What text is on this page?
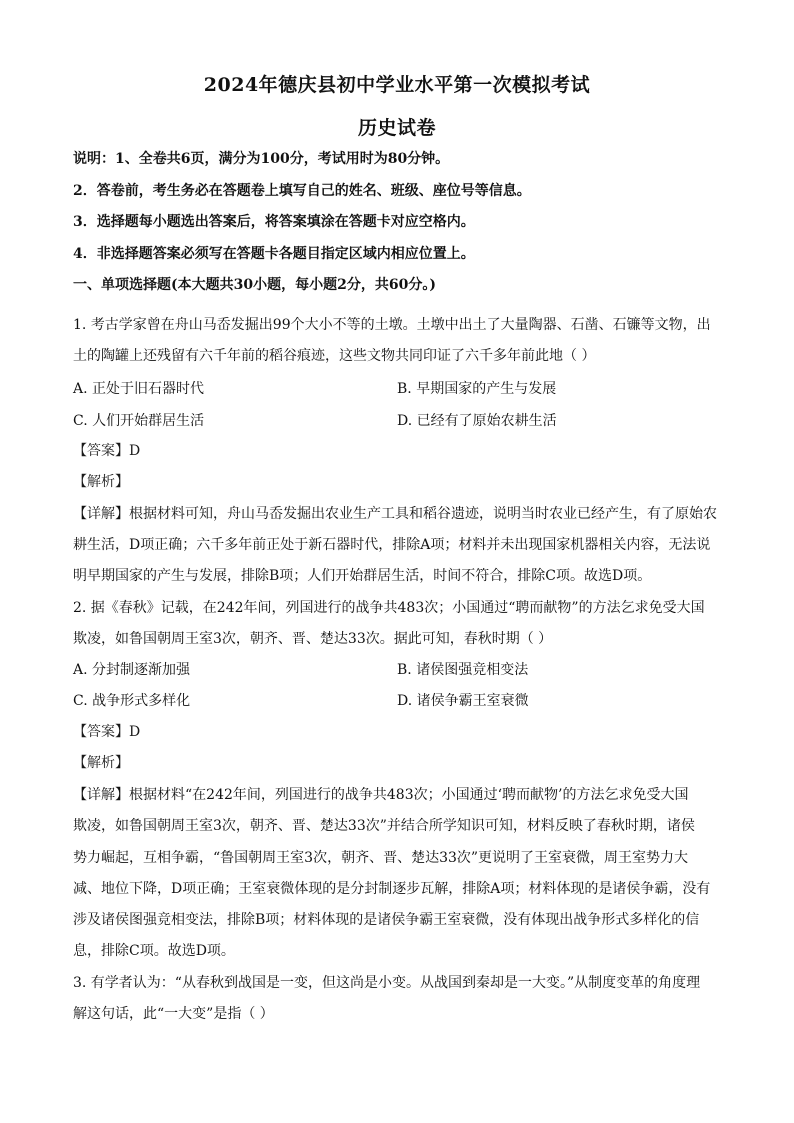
2024年德庆县初中学业水平第一次模拟考试
历史试卷
说明：1、全卷共6页，满分为100分，考试用时为80分钟。
2．答卷前，考生务必在答题卷上填写自己的姓名、班级、座位号等信息。
3．选择题每小题选出答案后，将答案填涂在答题卡对应空格内。
4．非选择题答案必须写在答题卡各题目指定区域内相应位置上。
一、单项选择题(本大题共30小题，每小题2分，共60分。)
1. 考古学家曾在舟山马岙发掘出99个大小不等的土墩。土墩中出土了大量陶器、石凿、石镰等文物，出
土的陶罐上还残留有六千年前的稻谷痕迹，这些文物共同印证了六千多年前此地（ ）
A. 正处于旧石器时代	B. 早期国家的产生与发展
C. 人们开始群居生活	D. 已经有了原始农耕生活
【答案】D
【解析】
【详解】根据材料可知，舟山马岙发掘出农业生产工具和稻谷遗迹，说明当时农业已经产生，有了原始农
耕生活，D项正确；六千多年前正处于新石器时代，排除A项；材料并未出现国家机器相关内容，无法说
明早期国家的产生与发展，排除B项；人们开始群居生活，时间不符合，排除C项。故选D项。
2. 据《春秋》记载，在242年间，列国进行的战争共483次；小国通过“聘而献物”的方法乞求免受大国
欺凌，如鲁国朝周王室3次，朝齐、晋、楚达33次。据此可知，春秋时期（ ）
A. 分封制逐渐加强	B. 诸侯图强竞相变法
C. 战争形式多样化	D. 诸侯争霸王室衰微
【答案】D
【解析】
【详解】根据材料“在242年间，列国进行的战争共483次；小国通过‘聘而献物’的方法乞求免受大国
欺凌，如鲁国朝周王室3次，朝齐、晋、楚达33次”并结合所学知识可知，材料反映了春秋时期，诸侯
势力崛起，互相争霸，“鲁国朝周王室3次，朝齐、晋、楚达33次”更说明了王室衰微，周王室势力大
减、地位下降，D项正确；王室衰微体现的是分封制逐步瓦解，排除A项；材料体现的是诸侯争霸，没有
涉及诸侯图强竞相变法，排除B项；材料体现的是诸侯争霸王室衰微，没有体现出战争形式多样化的信
息，排除C项。故选D项。
3. 有学者认为：“从春秋到战国是一变，但这尚是小变。从战国到秦却是一大变。”从制度变革的角度理
解这句话，此“一大变”是指（ ）
